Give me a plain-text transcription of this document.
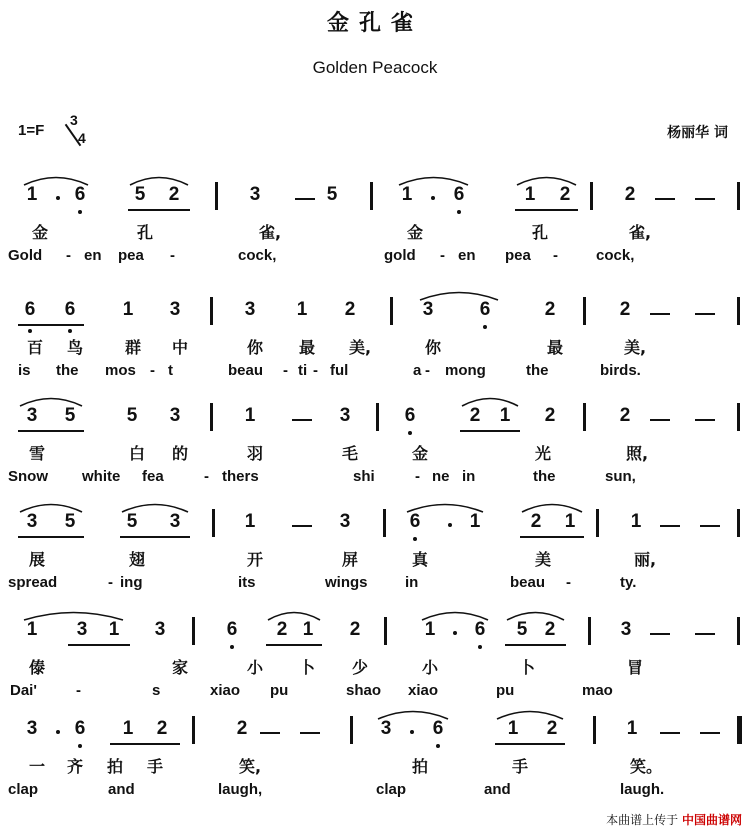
金孔雀
Golden Peacock
1=F
3
4	杨丽华 词
1 6	5 2	3	5	1 6	1 2	2
金	孔	雀,	金	孔	雀,
Gold - en pea -	cock,	gold - en pea -	cock,
6 6 1 3	3 1 2	3 6	2	2
百	鸟	群	中	你	最	美,	你	最	美,
is the mos - t	beau - ti - ful	a - mong	the	birds.
3 5	5 3	1	3	6	2 1 2	2
雪	白	的	羽	毛	金	光	照,
Snow white fea	- thers	shi	- ne in	the	sun,
3 5	5 3	1	3	6	1	2 1	1
展	翅	开	屏	真	美	丽,
spread	- ing	its	wings in	beau -	ty.
1 3 1 3	6 2 1 2	1 6 5 2	3
傣	家	小	卜	少	小	卜	冒
Dai'	-	s	xiao pu	shao xiao	pu	mao
3 6 1 2	2	3 6	1 2	1
一	齐	拍	手	笑,	拍	手	笑。
clap	and	laugh,	clap	and	laugh.
本曲谱上传于 中国曲谱网
